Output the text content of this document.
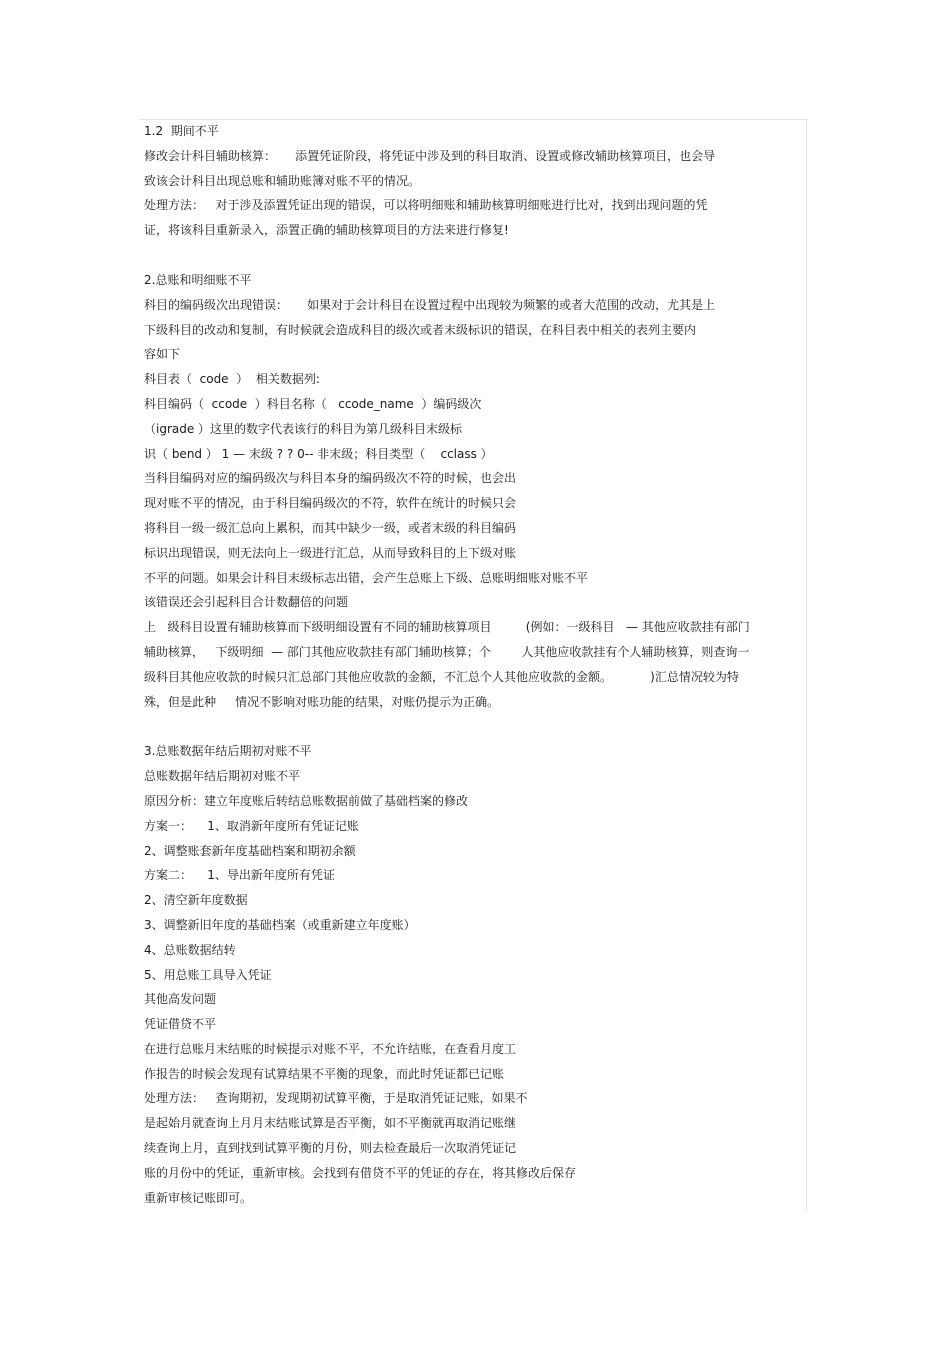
1.2  期间不平
修改会计科目辅助核算：     添置凭证阶段，将凭证中涉及到的科目取消、设置或修改辅助核算项目，也会导
致该会计科目出现总账和辅助账簿对账不平的情况。
处理方法：   对于涉及添置凭证出现的错误，可以将明细账和辅助核算明细账进行比对，找到出现问题的凭
证，将该科目重新录入，添置正确的辅助核算项目的方法来进行修复!
2.总账和明细账不平
科目的编码级次出现错误：     如果对于会计科目在设置过程中出现较为频繁的或者大范围的改动，尤其是上
下级科目的改动和复制，有时候就会造成科目的级次或者末级标识的错误，在科目表中相关的表列主要内
容如下
科目表（  code  ）  相关数据列:
科目编码（  ccode  ）科目名称（   ccode_name  ）编码级次
（igrade ）这里的数字代表该行的科目为第几级科目末级标
识（ bend ） 1 — 末级 ? ? 0-- 非末级；科目类型（    cclass ）
当科目编码对应的编码级次与科目本身的编码级次不符的时候，也会出
现对账不平的情况，由于科目编码级次的不符，软件在统计的时候只会
将科目一级一级汇总向上累积，而其中缺少一级，或者末级的科目编码
标识出现错误，则无法向上一级进行汇总，从而导致科目的上下级对账
不平的问题。如果会计科目末级标志出错，会产生总账上下级、总账明细账对账不平
该错误还会引起科目合计数翻倍的问题
上   级科目设置有辅助核算而下级明细设置有不同的辅助核算项目         (例如：一级科目   — 其他应收款挂有部门
辅助核算，   下级明细  — 部门其他应收款挂有部门辅助核算；个        人其他应收款挂有个人辅助核算，则查询一
级科目其他应收款的时候只汇总部门其他应收款的金额，不汇总个人其他应收款的金额。          )汇总情况较为特
殊，但是此种     情况不影响对账功能的结果，对账仍提示为正确。
3.总账数据年结后期初对账不平
总账数据年结后期初对账不平
原因分析：建立年度账后转结总账数据前做了基础档案的修改
方案一：    1、取消新年度所有凭证记账
2、调整账套新年度基础档案和期初余额
方案二：    1、导出新年度所有凭证
2、清空新年度数据
3、调整新旧年度的基础档案（或重新建立年度账）
4、总账数据结转
5、用总账工具导入凭证
其他高发问题
凭证借贷不平
在进行总账月末结账的时候提示对账不平，不允许结账，在查看月度工
作报告的时候会发现有试算结果不平衡的现象，而此时凭证都已记账
处理方法：   查询期初，发现期初试算平衡，于是取消凭证记账，如果不
是起始月就查询上月月末结账试算是否平衡，如不平衡就再取消记账继
续查询上月，直到找到试算平衡的月份，则去检查最后一次取消凭证记
账的月份中的凭证，重新审核。会找到有借贷不平的凭证的存在，将其修改后保存
重新审核记账即可。
